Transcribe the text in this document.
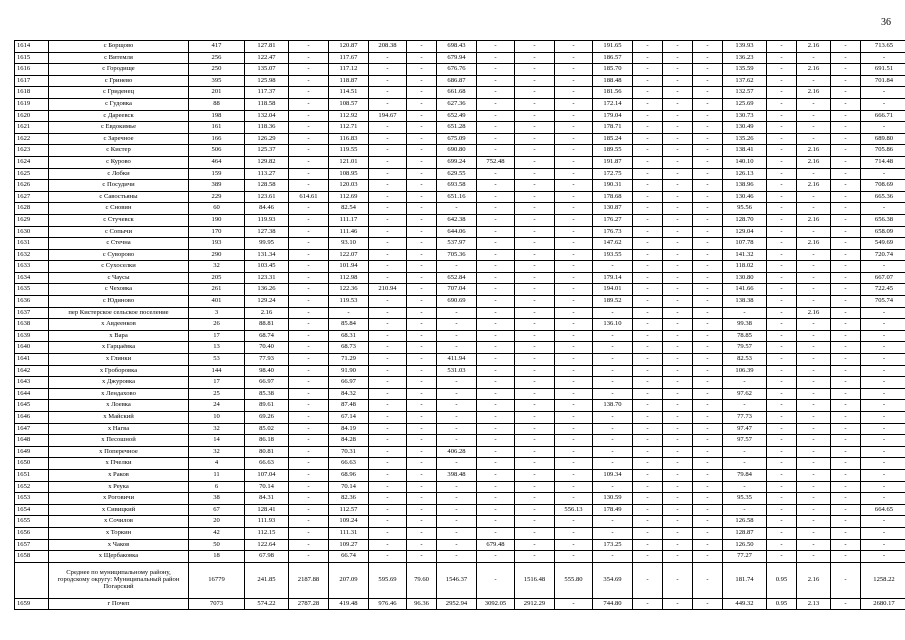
36
1614	с Борщово	417	127.81	-	120.87	208.38	-	698.43	-	-	-	191.65	-	-	-	139.93	-	2.16	-	713.65
1615	с Витемля	256	122.47	-	117.67	-	-	679.94	-	-	-	186.57	-	-	-	136.23	-	-	-	-
1616	с Городище	250	135.07	-	117.12	-	-	676.76	-	-	-	185.70	-	-	-	135.59	-	2.16	-	691.51
1617	с Гринево	395	125.98	-	118.87	-	-	686.87	-	-	-	188.48	-	-	-	137.62	-	-	-	701.84
1618	с Гриденец	201	117.37	-	114.51	-	-	661.68	-	-	-	181.56	-	-	-	132.57	-	2.16	-	-
1619	с Гудовка	88	118.58	-	108.57	-	-	627.36	-	-	-	172.14	-	-	-	125.69	-	-	-	-
1620	с Дареевск	198	132.04	-	112.92	194.67	-	652.49	-	-	-	179.04	-	-	-	130.73	-	-	-	666.71
1621	с Евдокимье	161	118.36	-	112.71	-	-	651.28	-	-	-	178.71	-	-	-	130.49	-	-	-	-
1622	с Заречное	166	126.29	-	116.83	-	-	675.09	-	-	-	185.24	-	-	-	135.26	-	-	-	689.80
1623	с Кистер	506	125.37	-	119.55	-	-	690.80	-	-	-	189.55	-	-	-	138.41	-	2.16	-	705.86
1624	с Курово	464	129.82	-	121.01	-	-	699.24	752.48	-	-	191.87	-	-	-	140.10	-	2.16	-	714.48
1625	с Лобки	159	113.27	-	108.95	-	-	629.55	-	-	-	172.75	-	-	-	126.13	-	-	-	-
1626	с Посудичи	389	128.58	-	120.03	-	-	693.58	-	-	-	190.31	-	-	-	138.96	-	2.16	-	708.69
1627	с Савостьяны	229	123.61	614.61	112.69	-	-	651.16	-	-	-	178.68	-	-	-	130.46	-	-	-	665.36
1628	с Сновин	60	84.46	-	82.54	-	-	-	-	-	-	130.87	-	-	-	95.56	-	-	-	-
1629	с Стучевск	190	119.93	-	111.17	-	-	642.38	-	-	-	176.27	-	-	-	128.70	-	2.16	-	656.38
1630	с Сопычи	170	127.38	-	111.46	-	-	644.06	-	-	-	176.73	-	-	-	129.04	-	-	-	658.09
1631	с Стечна	193	99.95	-	93.10	-	-	537.97	-	-	-	147.62	-	-	-	107.78	-	2.16	-	549.69
1632	с Суворово	290	131.34	-	122.07	-	-	705.36	-	-	-	193.55	-	-	-	141.32	-	-	-	720.74
1633	с Сухоселки	32	103.45	-	101.94	-	-	-	-	-	-	-	-	-	-	118.02	-	-	-	-
1634	с Чаусы	205	123.31	-	112.98	-	-	652.84	-	-	-	179.14	-	-	-	130.80	-	-	-	667.07
1635	с Чеховка	261	136.26	-	122.36	210.94	-	707.04	-	-	-	194.01	-	-	-	141.66	-	-	-	722.45
1636	с Юдиново	401	129.24	-	119.53	-	-	690.69	-	-	-	189.52	-	-	-	138.38	-	-	-	705.74
1637	пер Кистерское сельское поселение	3	2.16	-	-	-	-	-	-	-	-	-	-	-	-	-	-	2.16	-	-
1638	х Авдеенков	26	88.81	-	85.84	-	-	-	-	-	-	136.10	-	-	-	99.38	-	-	-	-
1639	х Вара	17	68.74	-	68.31	-	-	-	-	-	-	-	-	-	-	78.85	-	-	-	-
1640	х Гарцаёвка	13	70.40	-	68.73	-	-	-	-	-	-	-	-	-	-	79.57	-	-	-	-
1641	х Глинки	53	77.93	-	71.29	-	-	411.94	-	-	-	-	-	-	-	82.53	-	-	-	-
1642	х Гроборовка	144	98.40	-	91.90	-	-	531.03	-	-	-	-	-	-	-	106.39	-	-	-	-
1643	х Джуровка	17	66.97	-	66.97	-	-	-	-	-	-	-	-	-	-	-	-	-	-	-
1644	х Лендахово	25	85.38	-	84.32	-	-	-	-	-	-	-	-	-	-	97.62	-	-	-	-
1645	х Лоевка	24	89.61	-	87.48	-	-	-	-	-	-	138.70	-	-	-	-	-	-	-	-
1646	х Майский	10	69.26	-	67.14	-	-	-	-	-	-	-	-	-	-	77.73	-	-	-	-
1647	х Нагва	32	85.02	-	84.19	-	-	-	-	-	-	-	-	-	-	97.47	-	-	-	-
1648	х Песошной	14	86.18	-	84.28	-	-	-	-	-	-	-	-	-	-	97.57	-	-	-	-
1649	х Поперечное	32	80.81	-	70.31	-	-	406.28	-	-	-	-	-	-	-	-	-	-	-	-
1650	х Пчелки	4	66.63	-	66.63	-	-	-	-	-	-	-	-	-	-	-	-	-	-	-
1651	х Раков	11	107.04	-	68.96	-	-	398.48	-	-	-	109.34	-	-	-	79.84	-	-	-	-
1652	х Реука	6	70.14	-	70.14	-	-	-	-	-	-	-	-	-	-	-	-	-	-	-
1653	х Роговичи	38	84.31	-	82.36	-	-	-	-	-	-	130.59	-	-	-	95.35	-	-	-	-
1654	х Сивицкий	67	128.41	-	112.57	-	-	-	-	-	556.13	178.49	-	-	-	-	-	-	-	664.65
1655	х Сочилов	20	111.93	-	109.24	-	-	-	-	-	-	-	-	-	-	126.58	-	-	-	-
1656	х Торкин	42	112.15	-	111.31	-	-	-	-	-	-	-	-	-	-	128.87	-	-	-	-
1657	х Чаков	50	122.64	-	109.27	-	-	-	679.48	-	-	173.25	-	-	-	126.50	-	-	-	-
1658	х Щербаковка	18	67.98	-	66.74	-	-	-	-	-	-	-	-	-	-	77.27	-	-	-	-
	Среднее по муниципальному району, городскому округу: Муниципальный район Погарский	16779	241.85	2187.88	207.09	595.69	79.60	1546.37	-	1516.48	555.80	354.69	-	-	-	181.74	0.95	2.16	-	1258.22
1659	г Почеп	7073	574.22	2787.28	419.48	976.46	96.36	2952.94	3092.05	2912.29	-	744.80	-	-	-	449.32	0.95	2.13	-	2680.17
